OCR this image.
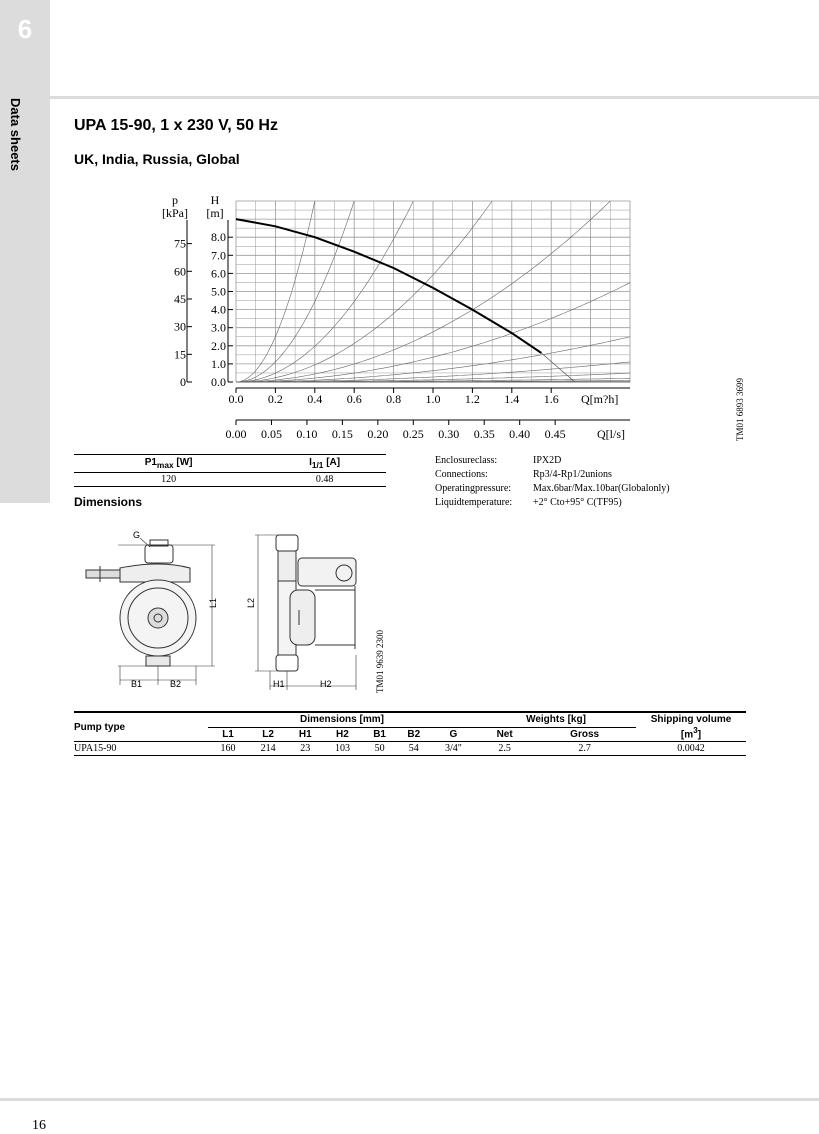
6
Data sheets	UPA 15-90, 1 x 230 V, 50 Hz
UK, India, Russia, Global
0.0
1.0
2.0
3.0
4.0
5.0
6.0
7.0
8.0
0
15
30
45
60
75
0.0 0.2 0.4 0.6 0.8 1.0 1.2 1.4 1.6
0.00 0.05 0.10 0.15 0.20 0.25 0.30 0.35 0.40 0.45
p
[kPa]
H
[m]
Q[m?h]
Q[l/s]	TM01 6893 3699
$P1_{max}$ [W]	$I_{1/1}$ [A]
120	0.48
Enclosureclass:	IPX2D
Connections:	Rp3/4-Rp1/2unions
Operatingpressure: Max.6bar/Max.10bar(Globalonly)
Liquidtemperature: +2° Cto+95° C(TF95)
Dimensions
G
L1
B1	B2
L2
H1	H2	TM01 9639 2300
Pump type	Dimensions [mm]							Weights [kg]		Shipping volume
$[m^3]$
	L1	L2	H1	H2	B1	B2	G	Net	Gross	
UPA15-90	160	214	23	103	50	54	3/4"	2.5	2.7	0.0042
16
